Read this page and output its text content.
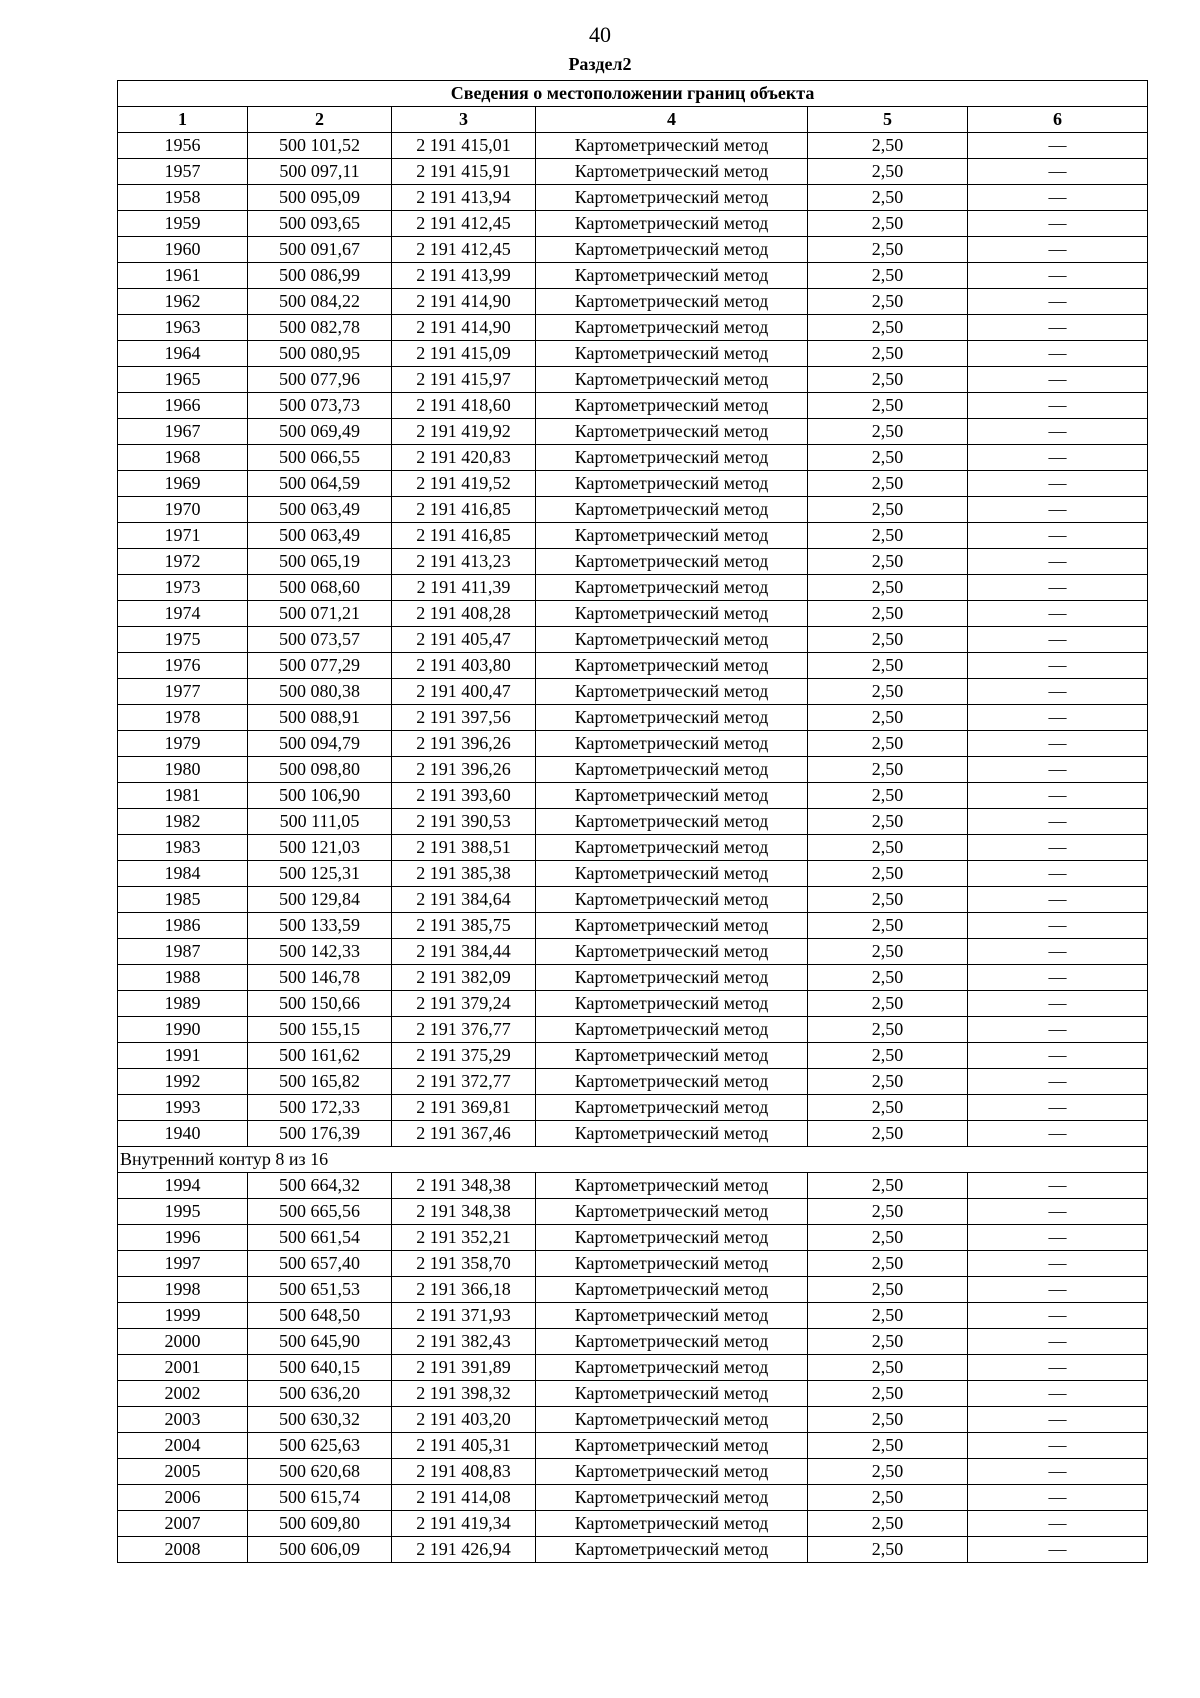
40
Раздел2
Сведения о местоположении границ объекта					
1	2	3	4	5	6
1956	500 101,52	2 191 415,01	Картометрический метод	2,50	—
1957	500 097,11	2 191 415,91	Картометрический метод	2,50	—
1958	500 095,09	2 191 413,94	Картометрический метод	2,50	—
1959	500 093,65	2 191 412,45	Картометрический метод	2,50	—
1960	500 091,67	2 191 412,45	Картометрический метод	2,50	—
1961	500 086,99	2 191 413,99	Картометрический метод	2,50	—
1962	500 084,22	2 191 414,90	Картометрический метод	2,50	—
1963	500 082,78	2 191 414,90	Картометрический метод	2,50	—
1964	500 080,95	2 191 415,09	Картометрический метод	2,50	—
1965	500 077,96	2 191 415,97	Картометрический метод	2,50	—
1966	500 073,73	2 191 418,60	Картометрический метод	2,50	—
1967	500 069,49	2 191 419,92	Картометрический метод	2,50	—
1968	500 066,55	2 191 420,83	Картометрический метод	2,50	—
1969	500 064,59	2 191 419,52	Картометрический метод	2,50	—
1970	500 063,49	2 191 416,85	Картометрический метод	2,50	—
1971	500 063,49	2 191 416,85	Картометрический метод	2,50	—
1972	500 065,19	2 191 413,23	Картометрический метод	2,50	—
1973	500 068,60	2 191 411,39	Картометрический метод	2,50	—
1974	500 071,21	2 191 408,28	Картометрический метод	2,50	—
1975	500 073,57	2 191 405,47	Картометрический метод	2,50	—
1976	500 077,29	2 191 403,80	Картометрический метод	2,50	—
1977	500 080,38	2 191 400,47	Картометрический метод	2,50	—
1978	500 088,91	2 191 397,56	Картометрический метод	2,50	—
1979	500 094,79	2 191 396,26	Картометрический метод	2,50	—
1980	500 098,80	2 191 396,26	Картометрический метод	2,50	—
1981	500 106,90	2 191 393,60	Картометрический метод	2,50	—
1982	500 111,05	2 191 390,53	Картометрический метод	2,50	—
1983	500 121,03	2 191 388,51	Картометрический метод	2,50	—
1984	500 125,31	2 191 385,38	Картометрический метод	2,50	—
1985	500 129,84	2 191 384,64	Картометрический метод	2,50	—
1986	500 133,59	2 191 385,75	Картометрический метод	2,50	—
1987	500 142,33	2 191 384,44	Картометрический метод	2,50	—
1988	500 146,78	2 191 382,09	Картометрический метод	2,50	—
1989	500 150,66	2 191 379,24	Картометрический метод	2,50	—
1990	500 155,15	2 191 376,77	Картометрический метод	2,50	—
1991	500 161,62	2 191 375,29	Картометрический метод	2,50	—
1992	500 165,82	2 191 372,77	Картометрический метод	2,50	—
1993	500 172,33	2 191 369,81	Картометрический метод	2,50	—
1940	500 176,39	2 191 367,46	Картометрический метод	2,50	—
Внутренний контур 8 из 16					
1994	500 664,32	2 191 348,38	Картометрический метод	2,50	—
1995	500 665,56	2 191 348,38	Картометрический метод	2,50	—
1996	500 661,54	2 191 352,21	Картометрический метод	2,50	—
1997	500 657,40	2 191 358,70	Картометрический метод	2,50	—
1998	500 651,53	2 191 366,18	Картометрический метод	2,50	—
1999	500 648,50	2 191 371,93	Картометрический метод	2,50	—
2000	500 645,90	2 191 382,43	Картометрический метод	2,50	—
2001	500 640,15	2 191 391,89	Картометрический метод	2,50	—
2002	500 636,20	2 191 398,32	Картометрический метод	2,50	—
2003	500 630,32	2 191 403,20	Картометрический метод	2,50	—
2004	500 625,63	2 191 405,31	Картометрический метод	2,50	—
2005	500 620,68	2 191 408,83	Картометрический метод	2,50	—
2006	500 615,74	2 191 414,08	Картометрический метод	2,50	—
2007	500 609,80	2 191 419,34	Картометрический метод	2,50	—
2008	500 606,09	2 191 426,94	Картометрический метод	2,50	—
